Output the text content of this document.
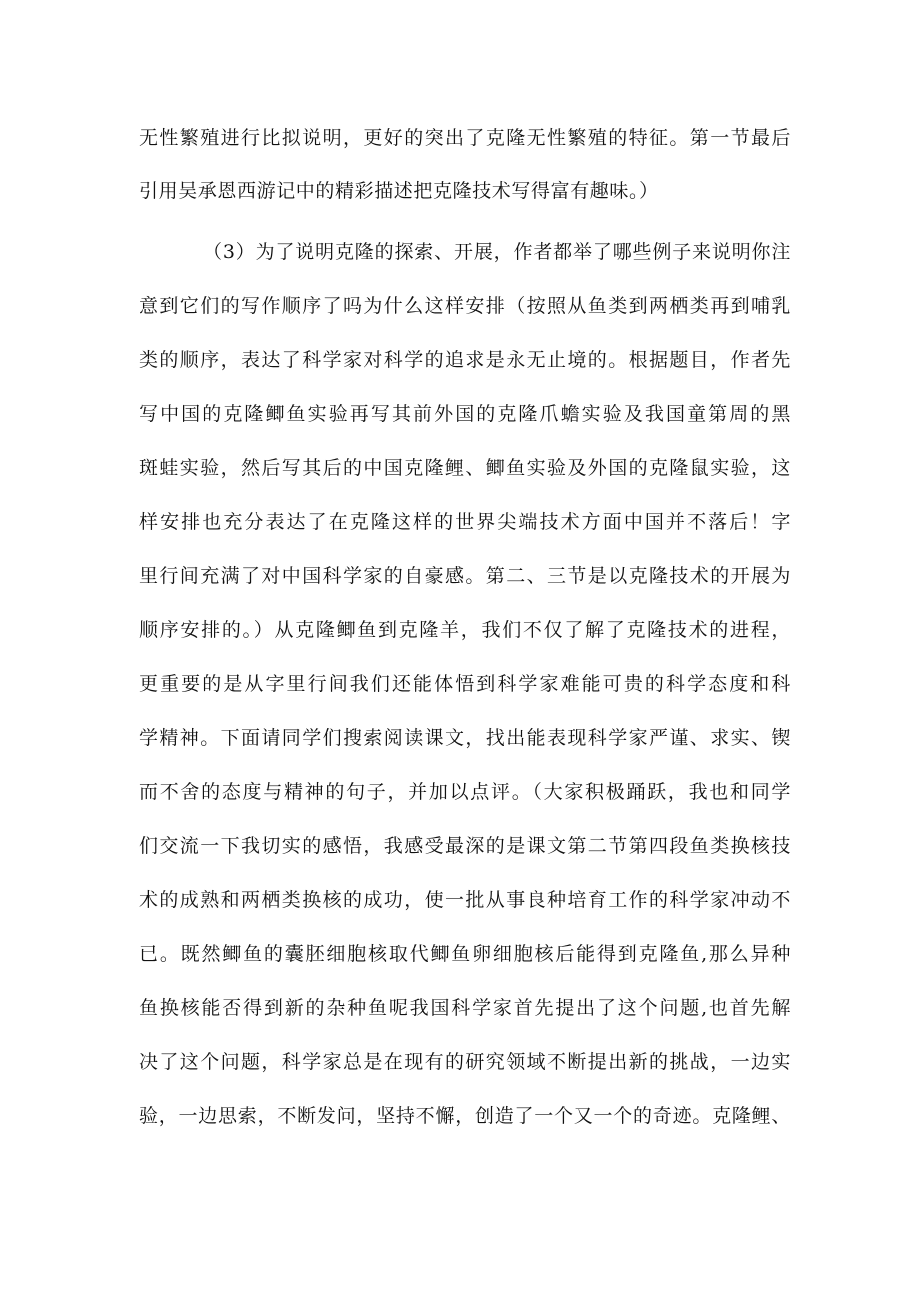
无性繁殖进行比拟说明，更好的突出了克隆无性繁殖的特征。第一节最后
引用吴承恩西游记中的精彩描述把克隆技术写得富有趣味。）
（3）为了说明克隆的探索、开展，作者都举了哪些例子来说明你注
意到它们的写作顺序了吗为什么这样安排（按照从鱼类到两栖类再到哺乳
类的顺序，表达了科学家对科学的追求是永无止境的。根据题目，作者先
写中国的克隆鲫鱼实验再写其前外国的克隆爪蟾实验及我国童第周的黑
斑蛙实验，然后写其后的中国克隆鲤、鲫鱼实验及外国的克隆鼠实验，这
样安排也充分表达了在克隆这样的世界尖端技术方面中国并不落后！字
里行间充满了对中国科学家的自豪感。第二、三节是以克隆技术的开展为
顺序安排的。）从克隆鲫鱼到克隆羊，我们不仅了解了克隆技术的进程，
更重要的是从字里行间我们还能体悟到科学家难能可贵的科学态度和科
学精神。下面请同学们搜索阅读课文，找出能表现科学家严谨、求实、锲
而不舍的态度与精神的句子，并加以点评。（大家积极踊跃，我也和同学
们交流一下我切实的感悟，我感受最深的是课文第二节第四段鱼类换核技
术的成熟和两栖类换核的成功，使一批从事良种培育工作的科学家冲动不
已。既然鲫鱼的囊胚细胞核取代鲫鱼卵细胞核后能得到克隆鱼,那么异种
鱼换核能否得到新的杂种鱼呢我国科学家首先提出了这个问题,也首先解
决了这个问题，科学家总是在现有的研究领域不断提出新的挑战，一边实
验，一边思索，不断发问，坚持不懈，创造了一个又一个的奇迹。克隆鲤、
